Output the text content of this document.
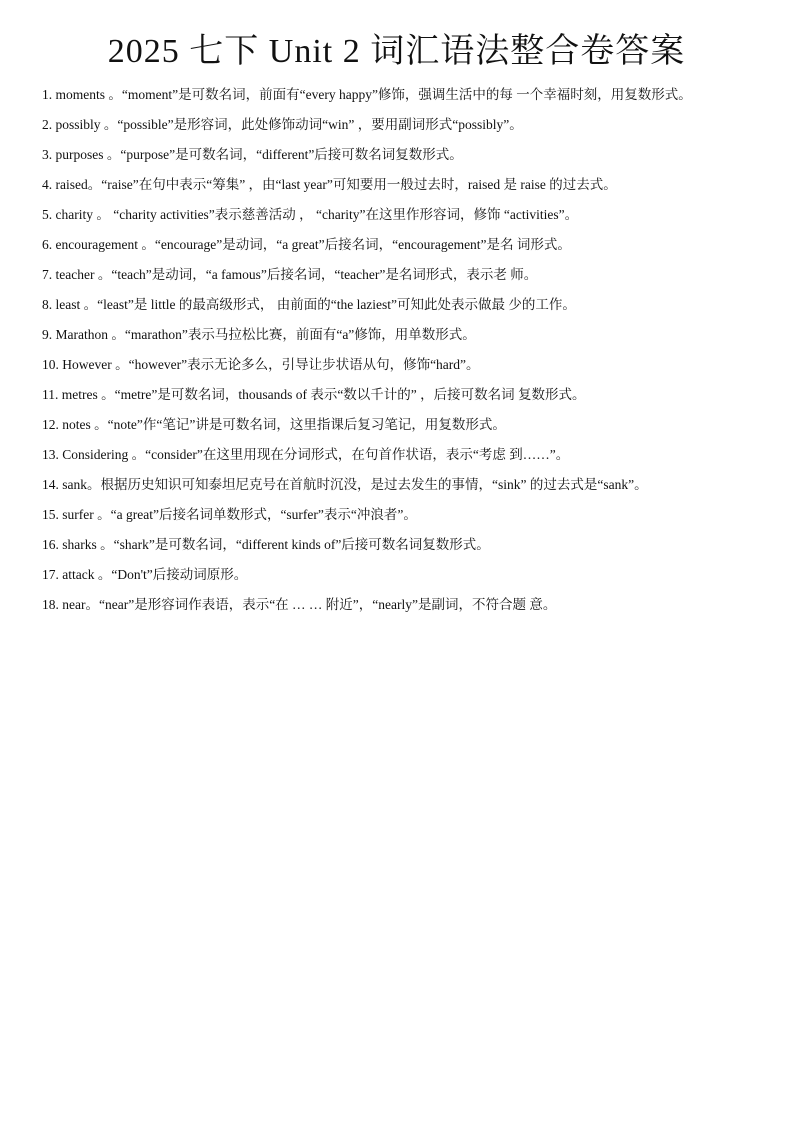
2025 七下 Unit 2 词汇语法整合卷答案
1. moments 。“moment”是可数名词，前面有“every happy”修饰，强调生活中的每 一个幸福时刻，用复数形式。
2. possibly 。“possible”是形容词，此处修饰动词“win” ，要用副词形式“possibly”。
3. purposes 。“purpose”是可数名词，“different”后接可数名词复数形式。
4. raised。“raise”在句中表示“筹集” ，由“last year”可知要用一般过去时，raised 是 raise 的过去式。
5. charity 。 “charity activities”表示慈善活动 ， “charity”在这里作形容词，修饰 “activities”。
6. encouragement 。“encourage”是动词，“a great”后接名词，“encouragement”是名 词形式。
7. teacher 。“teach”是动词，“a famous”后接名词，“teacher”是名词形式，表示老 师。
8. least 。“least”是 little 的最高级形式， 由前面的“the laziest”可知此处表示做最 少的工作。
9. Marathon 。“marathon”表示马拉松比赛，前面有“a”修饰，用单数形式。
10. However 。“however”表示无论多么，引导让步状语从句，修饰“hard”。
11. metres 。“metre”是可数名词，thousands of 表示“数以千计的” ，后接可数名词 复数形式。
12. notes 。“note”作“笔记”讲是可数名词，这里指课后复习笔记，用复数形式。
13. Considering 。“consider”在这里用现在分词形式，在句首作状语，表示“考虑 到……”。
14. sank。根据历史知识可知泰坦尼克号在首航时沉没，是过去发生的事情，“sink” 的过去式是“sank”。
15. surfer 。“a great”后接名词单数形式，“surfer”表示“冲浪者”。
16. sharks 。“shark”是可数名词，“different kinds of”后接可数名词复数形式。
17. attack 。“Don't”后接动词原形。
18. near。“near”是形容词作表语，表示“在 … … 附近”，“nearly”是副词，不符合题 意。
